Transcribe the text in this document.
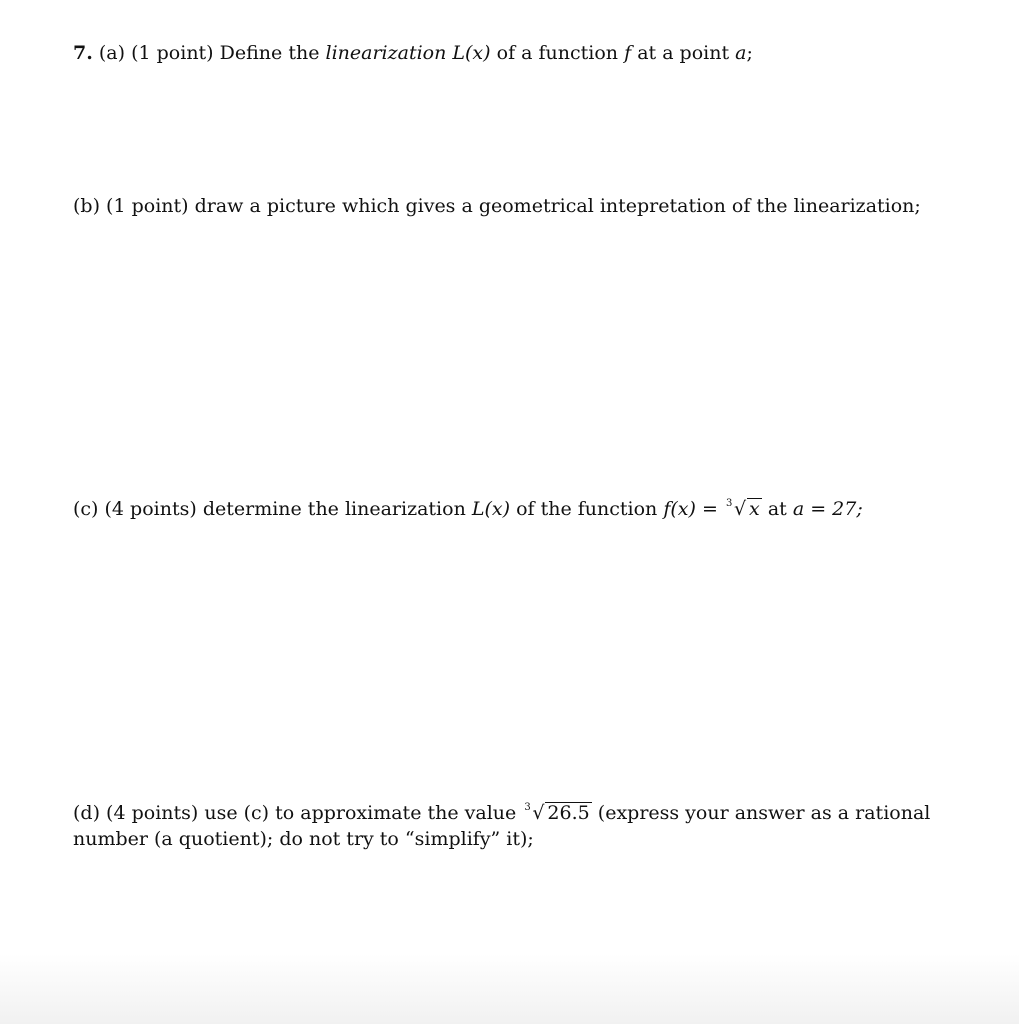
7. (a) (1 point) Define the linearization L(x) of a function f at a point a;
(b) (1 point) draw a picture which gives a geometrical intepretation of the linearization;
(c) (4 points) determine the linearization L(x) of the function f(x) = 3 √ x at a = 27;
(d) (4 points) use (c) to approximate the value 3 √ 26.5 (express your answer as a rational
number (a quotient); do not try to “simplify” it);
